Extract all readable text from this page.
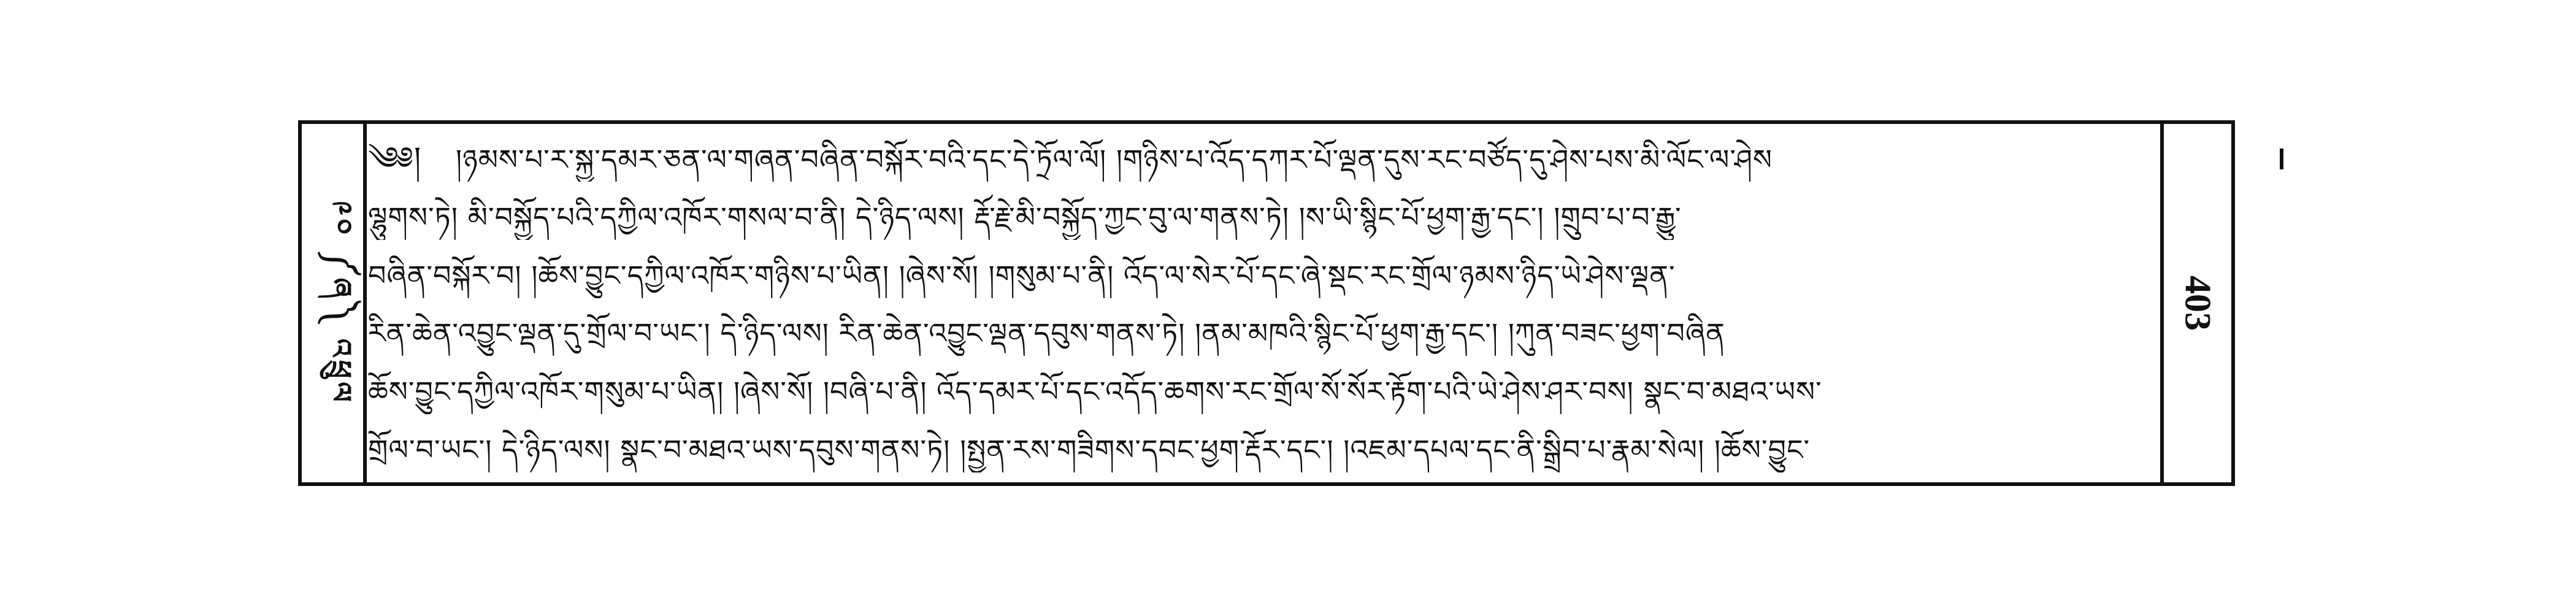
༩༠ ༼ཞ༽ འཕྲུལ
༄༅། །ཉམས་པ་ར་སྐྱ་དམར་ཅན་ལ་གཞན་བཞིན་བསྐོར་བའི་དང་དེ་ཏྲོལ་ལོ། །གཉིས་པ་འོད་དཀར་པོ་ལྡན་དུས་རང་བཙོད་དུ་ཤེས་པས་མི་ལོང་ལ་ཤེས
ལྷུགས་ཏེ། མི་བསྐྱོད་པའི་དཀྱིལ་འཁོར་གསལ་བ་ནི། དེ་ཉིད་ལས། རྡོ་རྗེ་མི་བསྐྱོད་ཀྱང་བུ་ལ་གནས་ཏེ། །ས་ཡི་སྙིང་པོ་ཕྱག་རྒྱ་དང་། །གྲུབ་པ་བ་རྒྱུ་
བཞིན་བསྐོར་བ། །ཆོས་བྱུང་དཀྱིལ་འཁོར་གཉིས་པ་ཡིན། །ཞེས་སོ། །གསུམ་པ་ནི། འོད་ལ་སེར་པོ་དང་ཞེ་སྡང་རང་གྲོལ་ཉམས་ཉིད་ཡེ་ཤེས་ལྡན་
རིན་ཆེན་འབྱུང་ལྡན་དུ་གྲོལ་བ་ཡང་། དེ་ཉིད་ལས། རིན་ཆེན་འབྱུང་ལྡན་དབུས་གནས་ཏེ། །ནམ་མཁའི་སྙིང་པོ་ཕྱག་རྒྱ་དང་། །ཀུན་བཟང་ཕྱག་བཞིན
ཆོས་བྱུང་དཀྱིལ་འཁོར་གསུམ་པ་ཡིན། །ཞེས་སོ། །བཞི་པ་ནི། འོད་དམར་པོ་དང་འདོད་ཆགས་རང་གྲོལ་སོ་སོར་རྟོག་པའི་ཡེ་ཤེས་ཤར་བས། སྣང་བ་མཐའ་ཡས་
གྲོལ་བ་ཡང་། དེ་ཉིད་ལས། སྣང་བ་མཐའ་ཡས་དབུས་གནས་ཏེ། །སྤྱན་རས་གཟིགས་དབང་ཕྱག་རྡོར་དང་། །འཇམ་དཔལ་དང་ནི་སྒྲིབ་པ་རྣམ་སེལ། །ཆོས་བྱུང་
403
